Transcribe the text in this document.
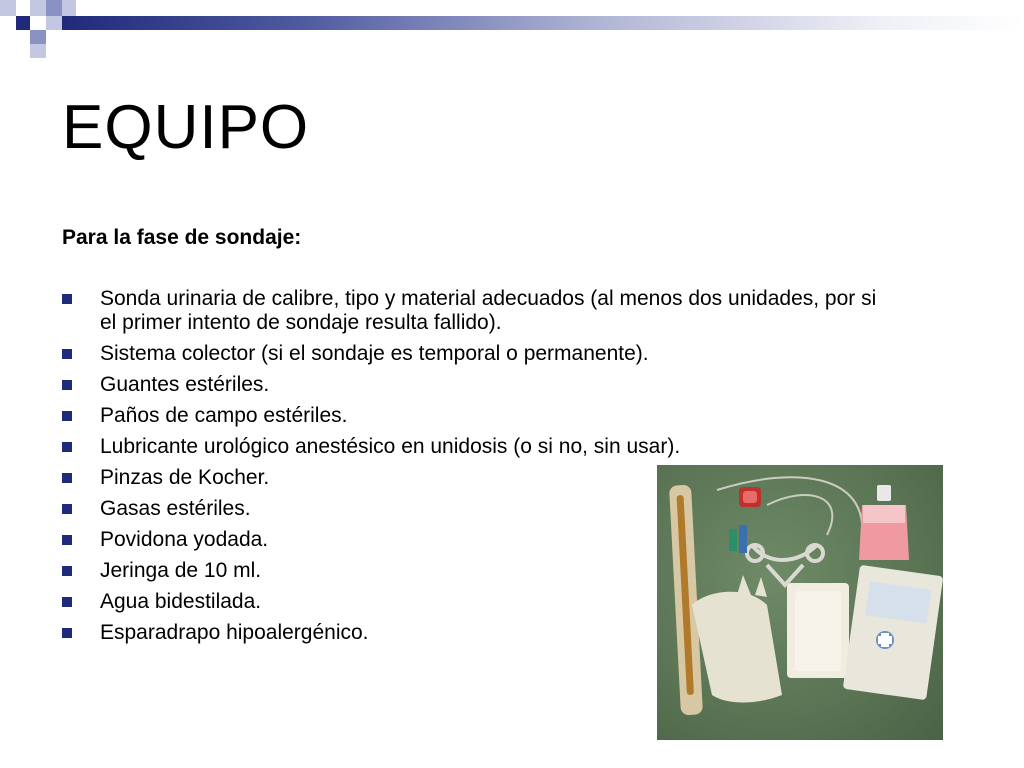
EQUIPO

Para la fase de sondaje:

Sonda urinaria de calibre, tipo y material adecuados (al menos dos unidades, por si el primer intento de sondaje resulta fallido).
Sistema colector (si el sondaje es temporal o permanente).
Guantes estériles.
Paños de campo estériles.
Lubricante urológico anestésico en unidosis (o si no, sin usar).
Pinzas de Kocher.
Gasas estériles.
Povidona yodada.
Jeringa de 10 ml.
Agua bidestilada.
Esparadrapo hipoalergénico.
